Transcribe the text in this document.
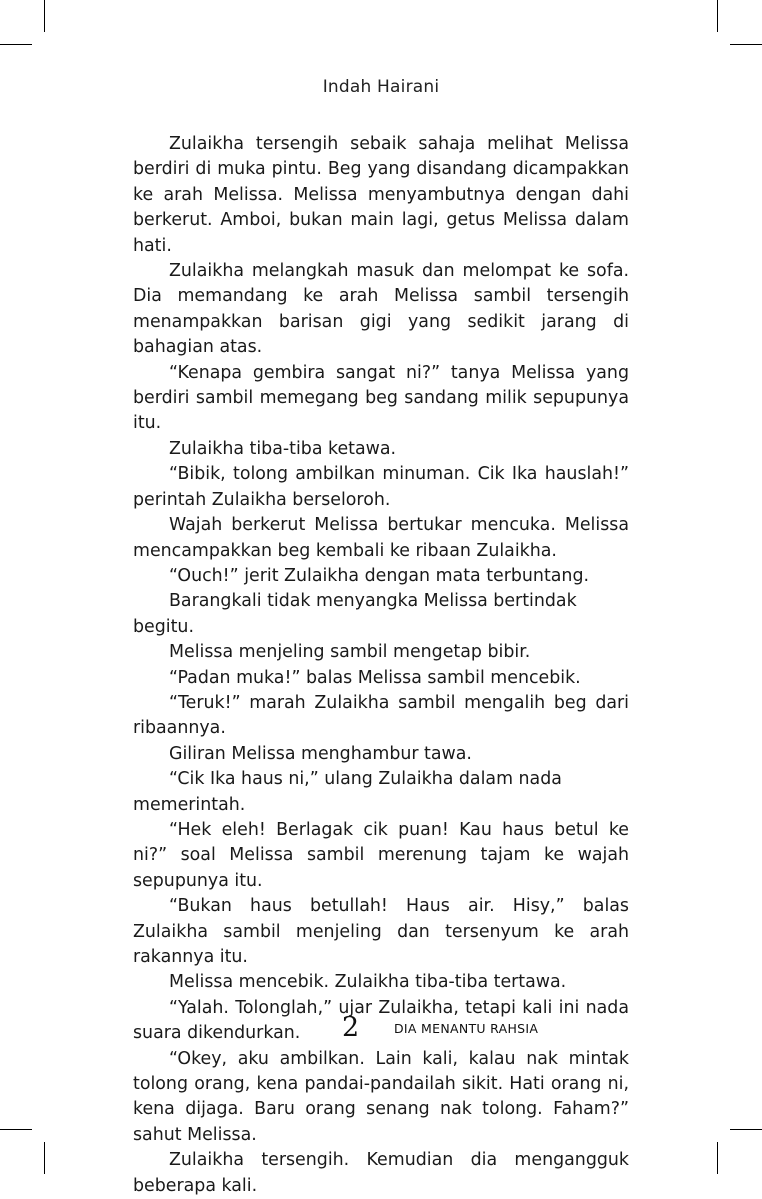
Indah Hairani

Zulaikha tersengih sebaik sahaja melihat Melissa berdiri di muka pintu. Beg yang disandang dicampakkan ke arah Melissa. Melissa menyambutnya dengan dahi berkerut. Amboi, bukan main lagi, getus Melissa dalam hati.

Zulaikha melangkah masuk dan melompat ke sofa. Dia memandang ke arah Melissa sambil tersengih menampakkan barisan gigi yang sedikit jarang di bahagian atas.

“Kenapa gembira sangat ni?” tanya Melissa yang berdiri sambil memegang beg sandang milik sepupunya itu.

Zulaikha tiba-tiba ketawa.

“Bibik, tolong ambilkan minuman. Cik Ika hauslah!” perintah Zulaikha berseloroh.

Wajah berkerut Melissa bertukar mencuka. Melissa mencampakkan beg kembali ke ribaan Zulaikha.

“Ouch!” jerit Zulaikha dengan mata terbuntang.

Barangkali tidak menyangka Melissa bertindak begitu.

Melissa menjeling sambil mengetap bibir.

“Padan muka!” balas Melissa sambil mencebik.

“Teruk!” marah Zulaikha sambil mengalih beg dari ribaannya.

Giliran Melissa menghambur tawa.

“Cik Ika haus ni,” ulang Zulaikha dalam nada memerintah.

“Hek eleh! Berlagak cik puan! Kau haus betul ke ni?” soal Melissa sambil merenung tajam ke wajah sepupunya itu.

“Bukan haus betullah! Haus air. Hisy,” balas Zulaikha sambil menjeling dan tersenyum ke arah rakannya itu.

Melissa mencebik. Zulaikha tiba-tiba tertawa.

“Yalah. Tolonglah,” ujar Zulaikha, tetapi kali ini nada suara dikendurkan.

“Okey, aku ambilkan. Lain kali, kalau nak mintak tolong orang, kena pandai-pandailah sikit. Hati orang ni, kena dijaga. Baru orang senang nak tolong. Faham?” sahut Melissa.

Zulaikha tersengih. Kemudian dia mengangguk beberapa kali.

2	DIA MENANTU RAHSIA
